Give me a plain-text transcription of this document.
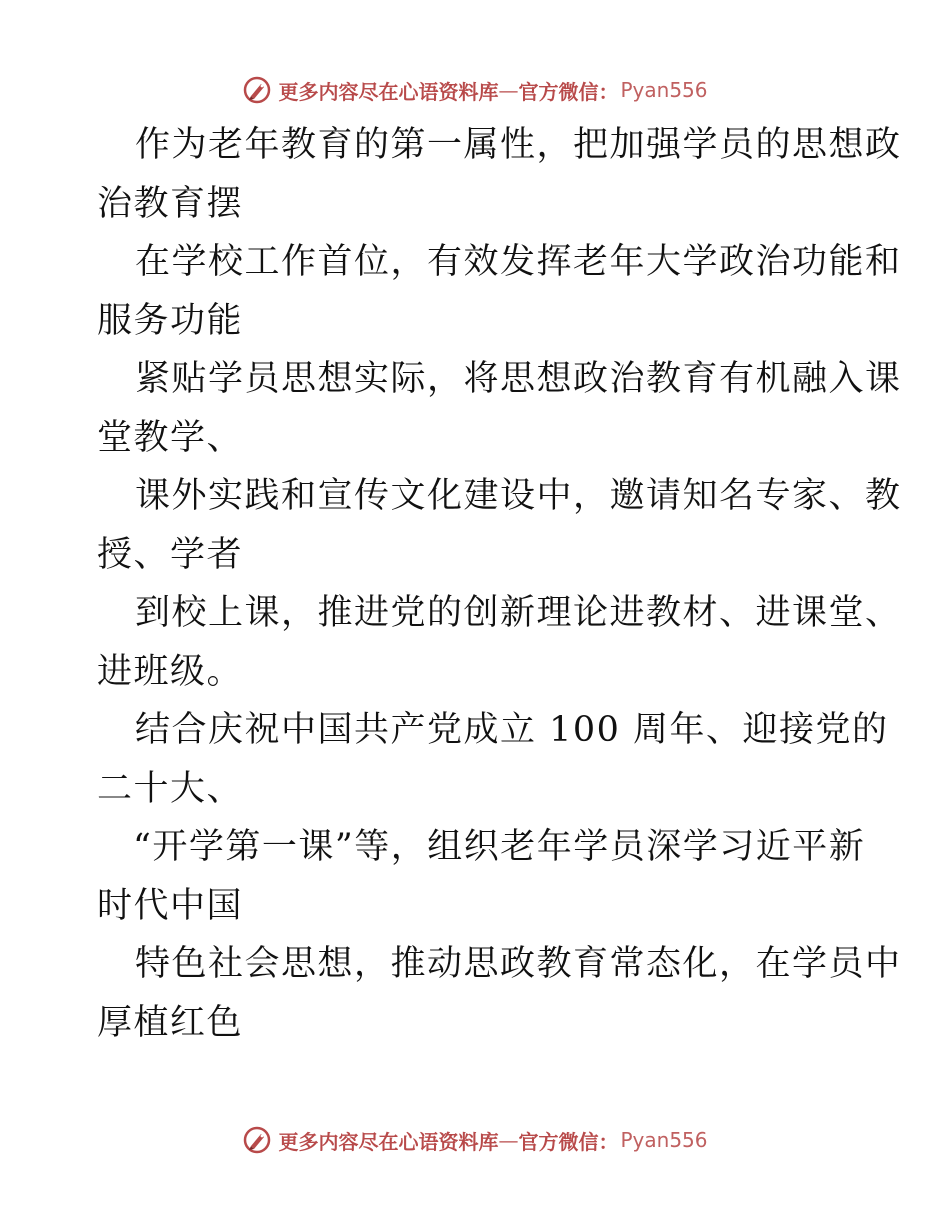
更多内容尽在心语资料库 — 官方微信： Pyan556
作为老年教育的第一属性，把加强学员的思想政
治教育摆
在学校工作首位，有效发挥老年大学政治功能和
服务功能
紧贴学员思想实际，将思想政治教育有机融入课
堂教学、
课外实践和宣传文化建设中，邀请知名专家、教
授、学者
到校上课，推进党的创新理论进教材、进课堂、
进班级。
结合庆祝中国共产党成立 100 周年、迎接党的
二十大、
“开学第一课”等，组织老年学员深学习近平新
时代中国
特色社会思想，推动思政教育常态化，在学员中
厚植红色
更多内容尽在心语资料库 — 官方微信： Pyan556
